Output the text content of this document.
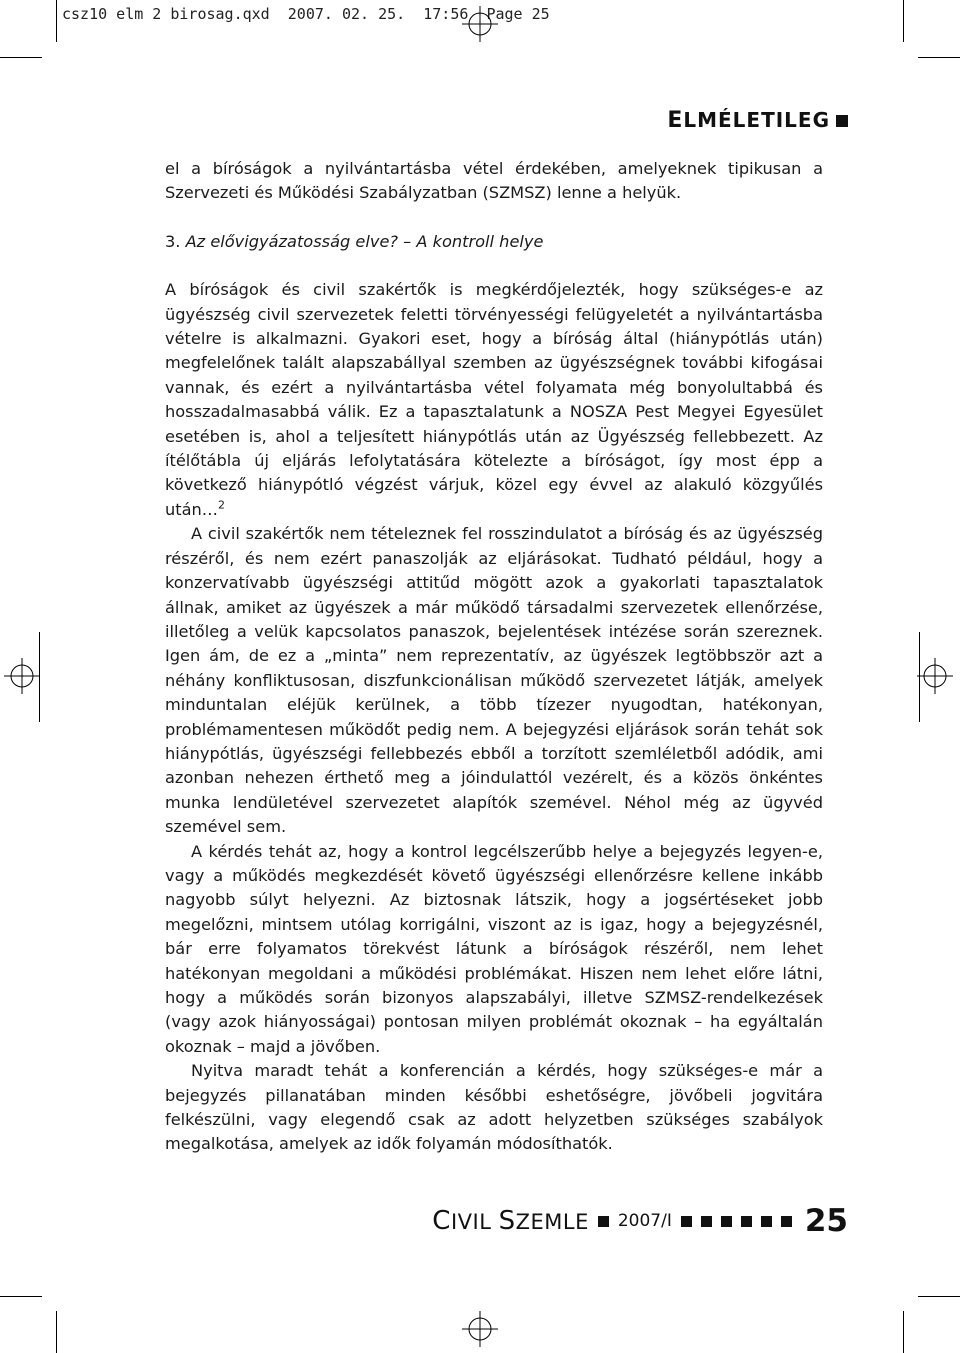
csz10 elm 2 birosag.qxd  2007. 02. 25.  17:56  Page 25
ELMÉLETILEG

el a bíróságok a nyilvántartásba vétel érdekében, amelyeknek tipikusan a Szervezeti és Működési Szabályzatban (SZMSZ) lenne a helyük.

3. Az elővigyázatosság elve? – A kontroll helye

A bíróságok és civil szakértők is megkérdőjelezték, hogy szükséges-e az ügyészség civil szervezetek feletti törvényességi felügyeletét a nyilvántartásba vételre is alkalmazni. Gyakori eset, hogy a bíróság által (hiánypótlás után) megfelelőnek talált alapszabállyal szemben az ügyészségnek további kifogásai vannak, és ezért a nyilvántartásba vétel folyamata még bonyolultabbá és hosszadalmasabbá válik. Ez a tapasztalatunk a NOSZA Pest Megyei Egyesület esetében is, ahol a teljesített hiánypótlás után az Ügyészség fellebbezett. Az ítélőtábla új eljárás lefolytatására kötelezte a bíróságot, így most épp a következő hiánypótló végzést várjuk, közel egy évvel az alakuló közgyűlés után…$^2$

A civil szakértők nem tételeznek fel rosszindulatot a bíróság és az ügyészség részéről, és nem ezért panaszolják az eljárásokat. Tudható például, hogy a konzervatívabb ügyészségi attitűd mögött azok a gyakorlati tapasztalatok állnak, amiket az ügyészek a már működő társadalmi szervezetek ellenőrzése, illetőleg a velük kapcsolatos panaszok, bejelentések intézése során szereznek. Igen ám, de ez a „minta” nem reprezentatív, az ügyészek legtöbbször azt a néhány konfliktusosan, diszfunkcionálisan működő szervezetet látják, amelyek minduntalan eléjük kerülnek, a több tízezer nyugodtan, hatékonyan, problémamentesen működőt pedig nem. A bejegyzési eljárások során tehát sok hiánypótlás, ügyészségi fellebbezés ebből a torzított szemléletből adódik, ami azonban nehezen érthető meg a jóindulattól vezérelt, és a közös önkéntes munka lendületével szervezetet alapítók szemével. Néhol még az ügyvéd szemével sem.

A kérdés tehát az, hogy a kontrol legcélszerűbb helye a bejegyzés legyen-e, vagy a működés megkezdését követő ügyészségi ellenőrzésre kellene inkább nagyobb súlyt helyezni. Az biztosnak látszik, hogy a jogsértéseket jobb megelőzni, mintsem utólag korrigálni, viszont az is igaz, hogy a bejegyzésnél, bár erre folyamatos törekvést látunk a bíróságok részéről, nem lehet hatékonyan megoldani a működési problémákat. Hiszen nem lehet előre látni, hogy a működés során bizonyos alapszabályi, illetve SZMSZ-rendelkezések (vagy azok hiányosságai) pontosan milyen problémát okoznak – ha egyáltalán okoznak – majd a jövőben.

Nyitva maradt tehát a konferencián a kérdés, hogy szükséges-e már a bejegyzés pillanatában minden későbbi eshetőségre, jövőbeli jogvitára felkészülni, vagy elegendő csak az adott helyzetben szükséges szabályok megalkotása, amelyek az idők folyamán módosíthatók.

CIVIL SZEMLE 2007/I	25
